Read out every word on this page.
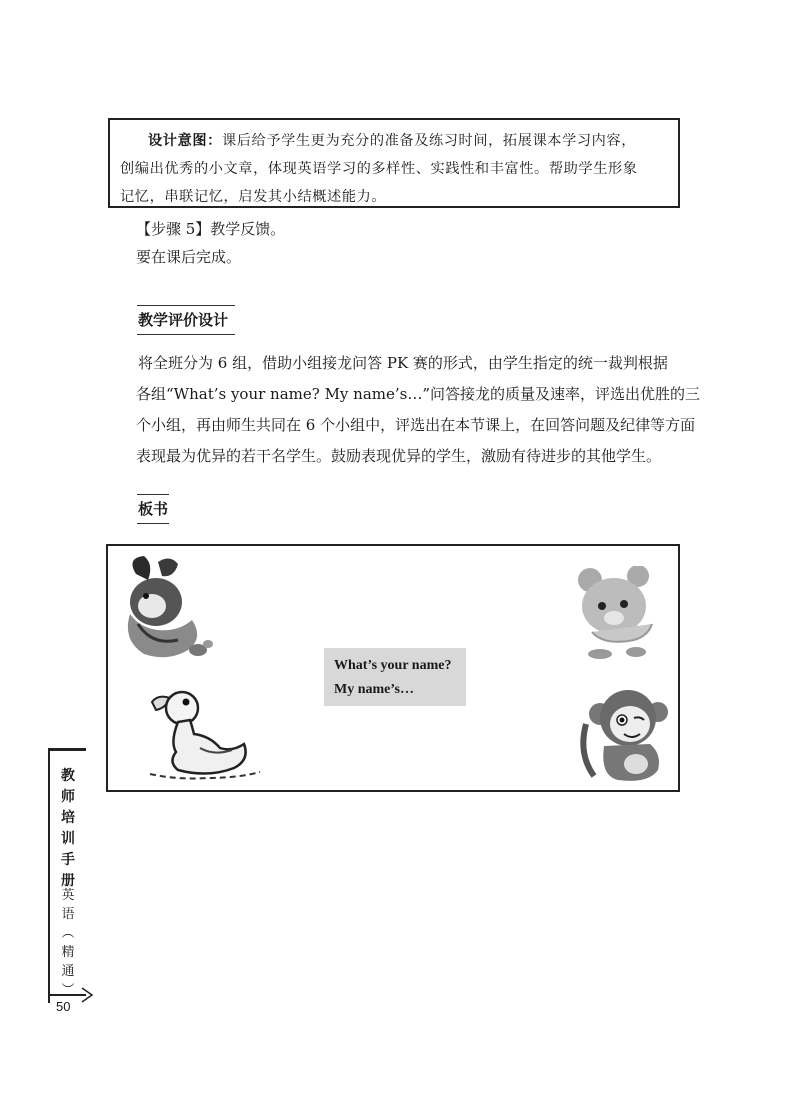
设计意图：课后给予学生更为充分的准备及练习时间，拓展课本学习内容，

创编出优秀的小文章，体现英语学习的多样性、实践性和丰富性。帮助学生形象
记忆，串联记忆，启发其小结概述能力。
【步骤 5】教学反馈。
要在课后完成。
教学评价设计
将全班分为 6 组，借助小组接龙问答 PK 赛的形式，由学生指定的统一裁判根据
各组“What’s your name? My name’s…”问答接龙的质量及速率，评选出优胜的三
个小组，再由师生共同在 6 个小组中，评选出在本节课上，在回答问题及纪律等方面
表现最为优异的若干名学生。鼓励表现优异的学生，激励有待进步的其他学生。
板书
What’s your name?
My name’s…
教
师
培
训
手
册
英
语
︵
精
通
︶
50
